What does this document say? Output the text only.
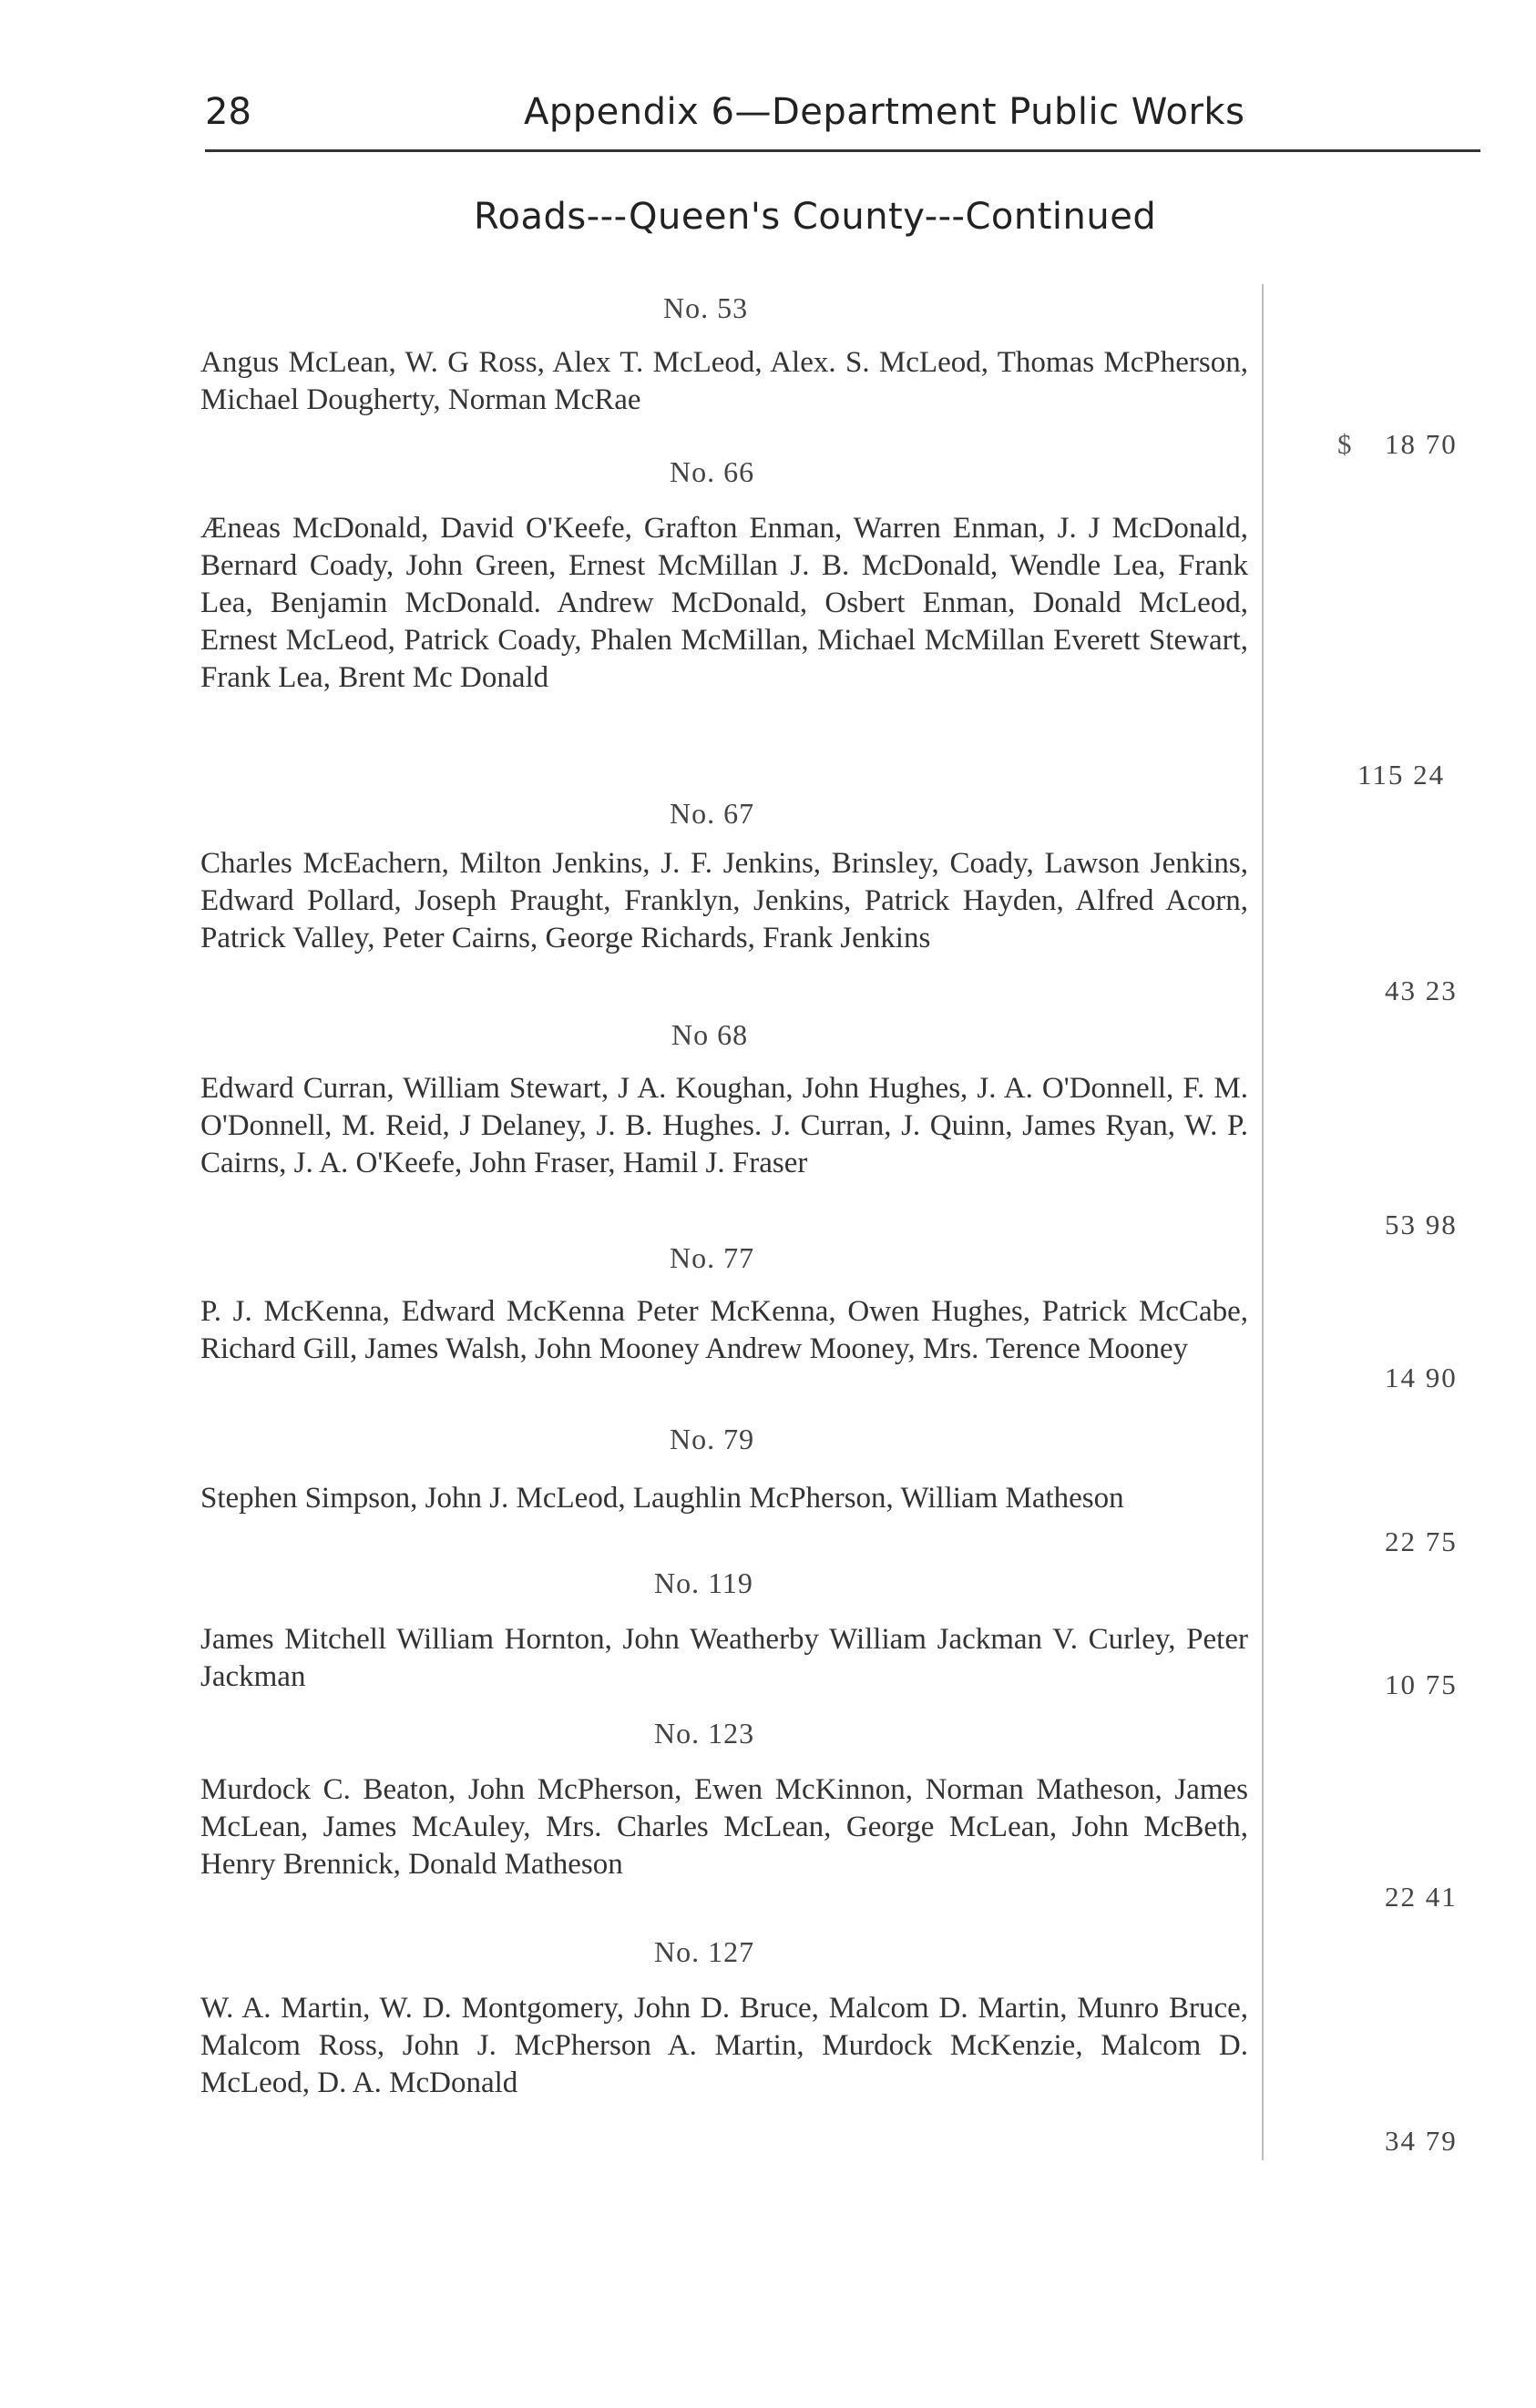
28	Appendix 6—Department Public Works
Roads---Queen's County---Continued
$
No. 53
Angus McLean, W. G Ross, Alex T. McLeod, Alex. S. McLeod, Thomas McPherson, Michael Dougherty, Norman McRae
18 70
No. 66
Æneas McDonald, David O'Keefe, Grafton Enman, Warren Enman, J. J McDonald, Bernard Coady, John Green, Ernest McMillan J. B. McDonald, Wendle Lea, Frank Lea, Benjamin McDonald. Andrew McDonald, Osbert Enman, Donald McLeod, Ernest McLeod, Patrick Coady, Phalen McMillan, Michael McMillan Everett Stewart, Frank Lea, Brent Mc Donald
115 24
No. 67
Charles McEachern, Milton Jenkins, J. F. Jenkins, Brinsley, Coady, Lawson Jenkins, Edward Pollard, Joseph Praught, Franklyn, Jenkins, Patrick Hayden, Alfred Acorn, Patrick Valley, Peter Cairns, George Richards, Frank Jenkins
43 23
No 68
Edward Curran, William Stewart, J A. Koughan, John Hughes, J. A. O'Donnell, F. M. O'Donnell, M. Reid, J Delaney, J. B. Hughes. J. Curran, J. Quinn, James Ryan, W. P. Cairns, J. A. O'Keefe, John Fraser, Hamil J. Fraser
53 98
No. 77
P. J. McKenna, Edward McKenna Peter McKenna, Owen Hughes, Patrick McCabe, Richard Gill, James Walsh, John Mooney Andrew Mooney, Mrs. Terence Mooney
14 90
No. 79
Stephen Simpson, John J. McLeod, Laughlin McPherson, William Matheson
22 75
No. 119
James Mitchell William Hornton, John Weatherby William Jackman V. Curley, Peter Jackman	10 75
No. 123
Murdock C. Beaton, John McPherson, Ewen McKinnon, Norman Matheson, James McLean, James McAuley, Mrs. Charles McLean, George McLean, John McBeth, Henry Brennick, Donald Matheson
22 41
No. 127
W. A. Martin, W. D. Montgomery, John D. Bruce, Malcom D. Martin, Munro Bruce, Malcom Ross, John J. McPherson A. Martin, Murdock McKenzie, Malcom D. McLeod, D. A. McDonald
34 79
